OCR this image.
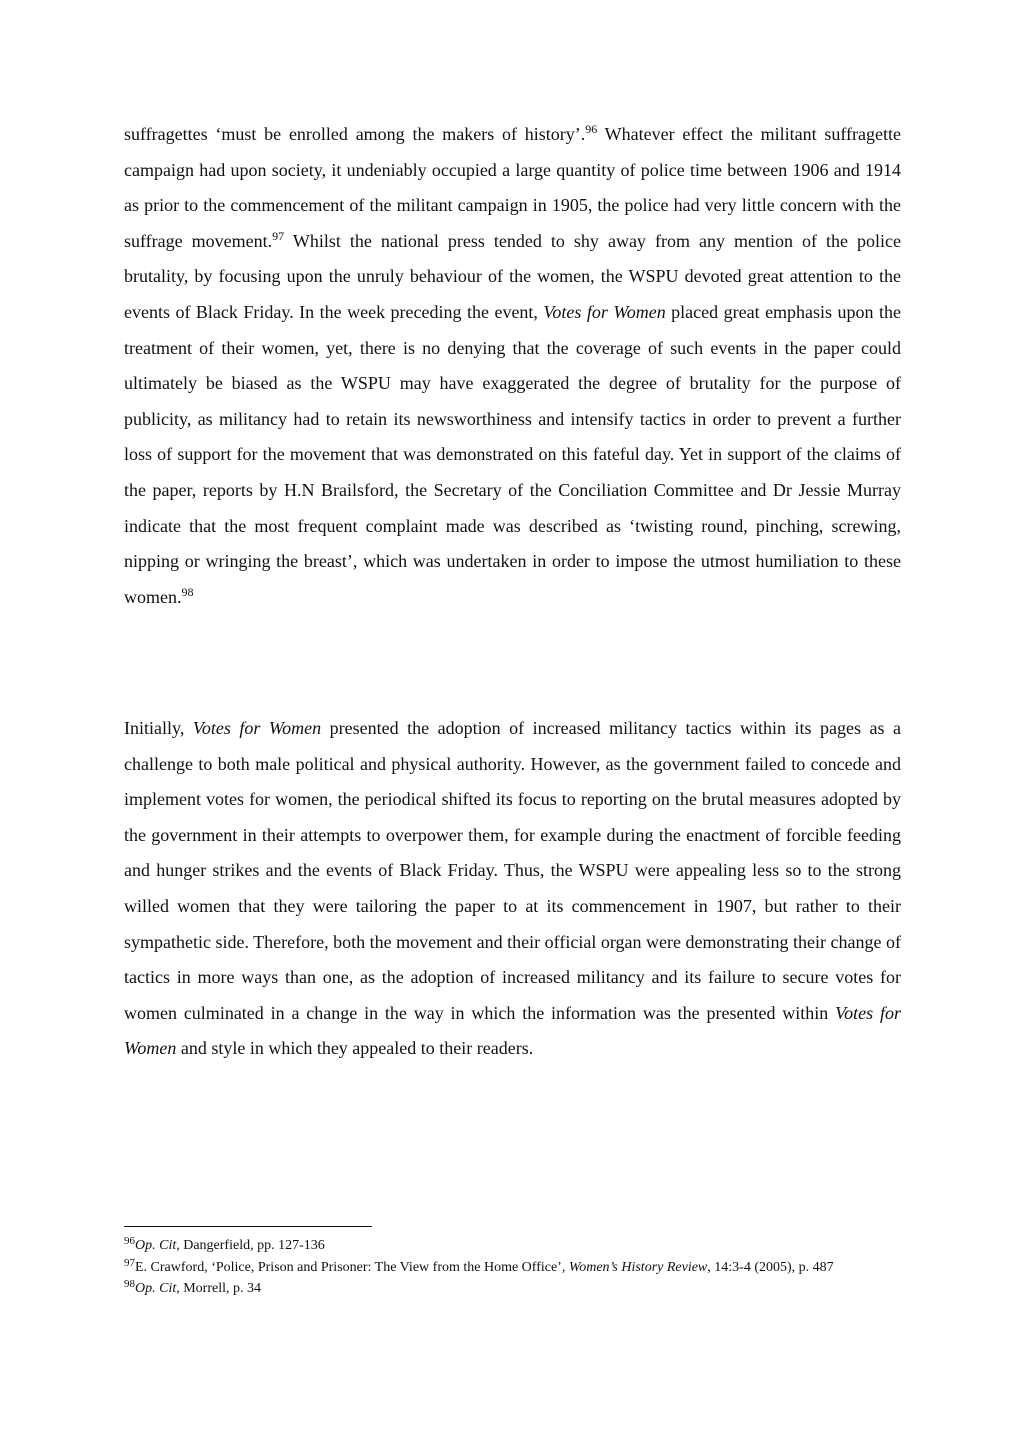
suffragettes ‘must be enrolled among the makers of history’.$^{96}$ Whatever effect the militant suffragette campaign had upon society, it undeniably occupied a large quantity of police time between 1906 and 1914 as prior to the commencement of the militant campaign in 1905, the police had very little concern with the suffrage movement.$^{97}$ Whilst the national press tended to shy away from any mention of the police brutality, by focusing upon the unruly behaviour of the women, the WSPU devoted great attention to the events of Black Friday. In the week preceding the event, Votes for Women placed great emphasis upon the treatment of their women, yet, there is no denying that the coverage of such events in the paper could ultimately be biased as the WSPU may have exaggerated the degree of brutality for the purpose of publicity, as militancy had to retain its newsworthiness and intensify tactics in order to prevent a further loss of support for the movement that was demonstrated on this fateful day. Yet in support of the claims of the paper, reports by H.N Brailsford, the Secretary of the Conciliation Committee and Dr Jessie Murray indicate that the most frequent complaint made was described as ‘twisting round, pinching, screwing, nipping or wringing the breast’, which was undertaken in order to impose the utmost humiliation to these women.$^{98}$

Initially, Votes for Women presented the adoption of increased militancy tactics within its pages as a challenge to both male political and physical authority. However, as the government failed to concede and implement votes for women, the periodical shifted its focus to reporting on the brutal measures adopted by the government in their attempts to overpower them, for example during the enactment of forcible feeding and hunger strikes and the events of Black Friday. Thus, the WSPU were appealing less so to the strong willed women that they were tailoring the paper to at its commencement in 1907, but rather to their sympathetic side. Therefore, both the movement and their official organ were demonstrating their change of tactics in more ways than one, as the adoption of increased militancy and its failure to secure votes for women culminated in a change in the way in which the information was the presented within Votes for Women and style in which they appealed to their readers.

$^{96}$Op. Cit, Dangerfield, pp. 127-136

$^{97}$E. Crawford, ‘Police, Prison and Prisoner: The View from the Home Office’, Women’s History Review, 14:3-4 (2005), p. 487

$^{98}$Op. Cit, Morrell, p. 34
